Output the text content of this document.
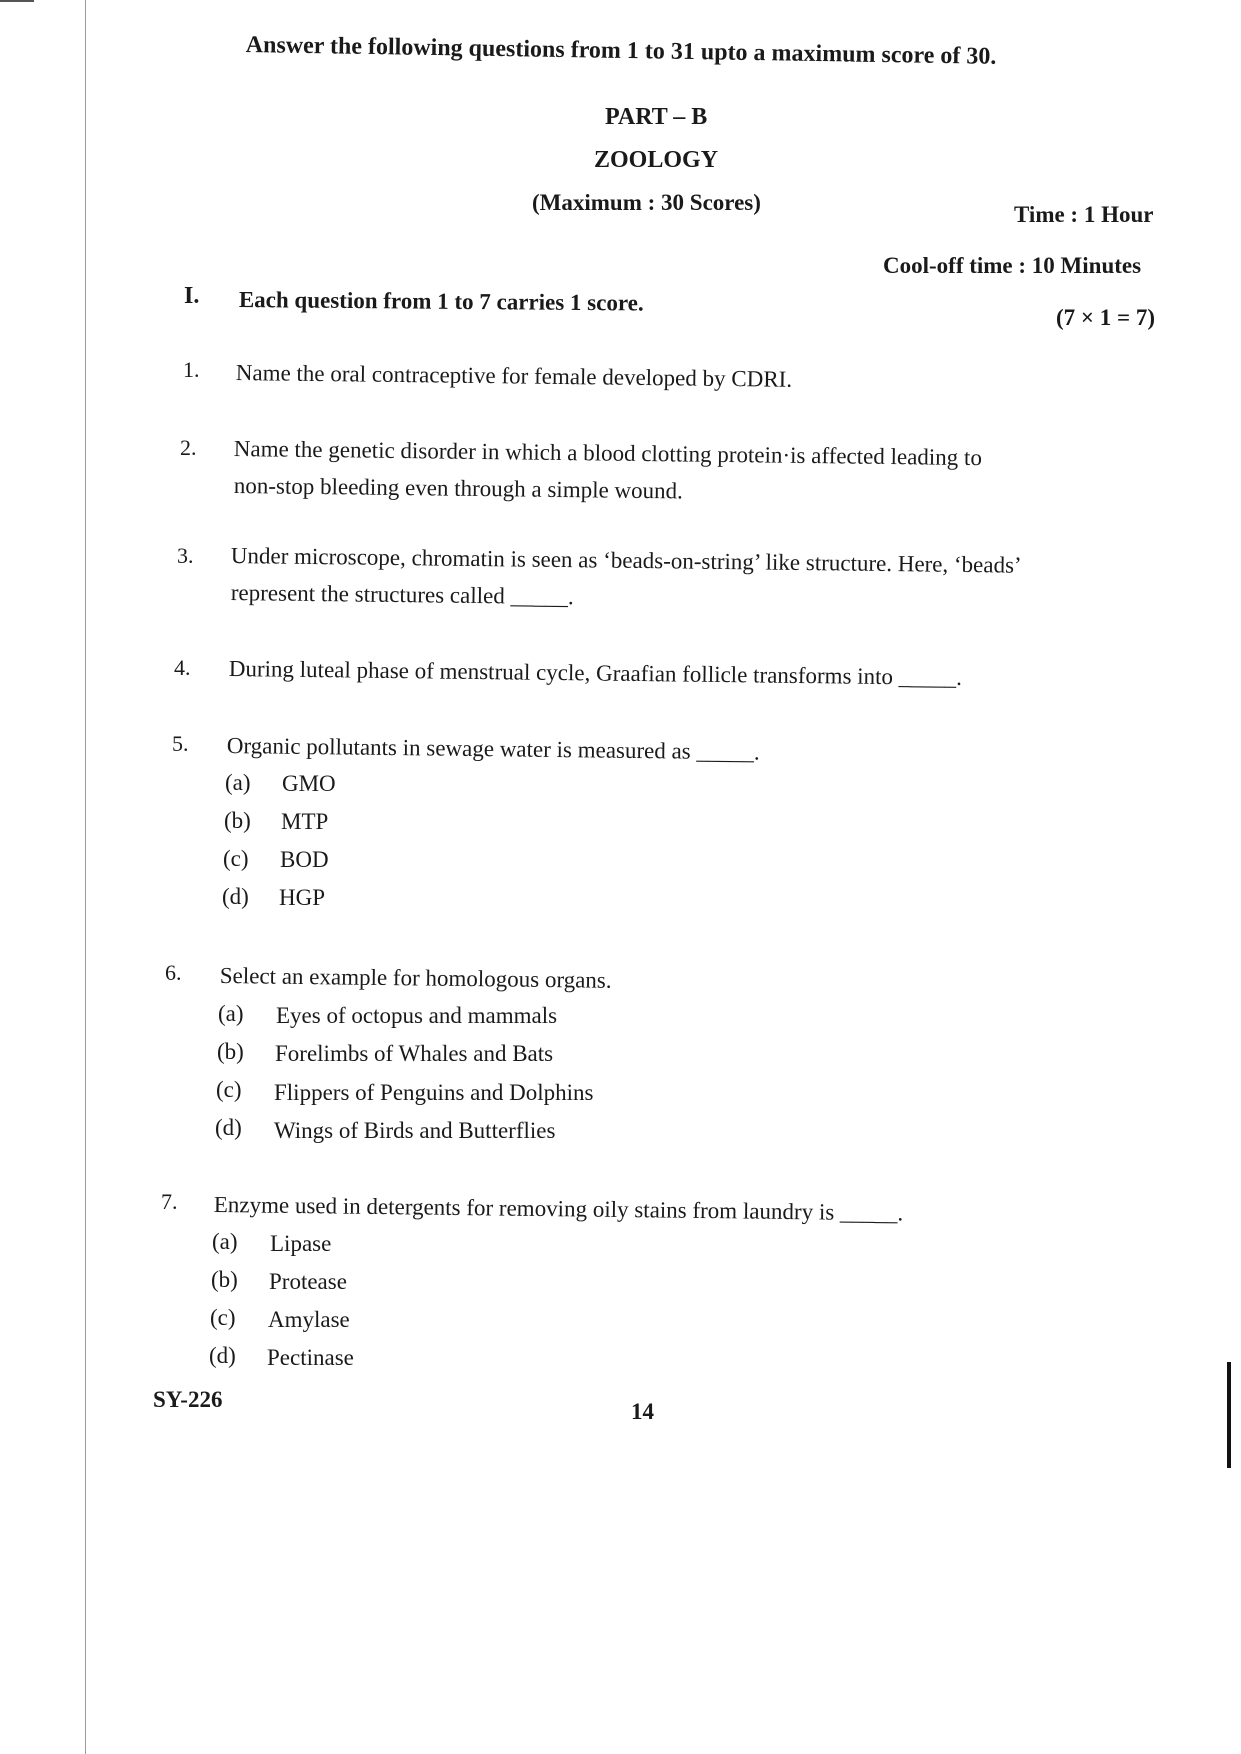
Answer the following questions from 1 to 31 upto a maximum score of 30.
PART – B
ZOOLOGY
(Maximum : 30 Scores)	Time : 1 Hour
Cool-off time : 10 Minutes
I. Each question from 1 to 7 carries 1 score.
(7 × 1 = 7)
1. Name the oral contraceptive for female developed by CDRI.
2. Name the genetic disorder in which a blood clotting protein·is affected leading to
non-stop bleeding even through a simple wound.
3. Under microscope, chromatin is seen as ‘beads-on-string’ like structure. Here, ‘beads’
represent the structures called _____.
4. During luteal phase of menstrual cycle, Graafian follicle transforms into _____.
5. Organic pollutants in sewage water is measured as _____.
(a) GMO
(b) MTP
(c) BOD
(d) HGP
6. Select an example for homologous organs.
(a) Eyes of octopus and mammals
(b) Forelimbs of Whales and Bats
(c) Flippers of Penguins and Dolphins
(d) Wings of Birds and Butterflies
7. Enzyme used in detergents for removing oily stains from laundry is _____.
(a) Lipase
(b) Protease
(c) Amylase
(d) Pectinase
SY-226	14
